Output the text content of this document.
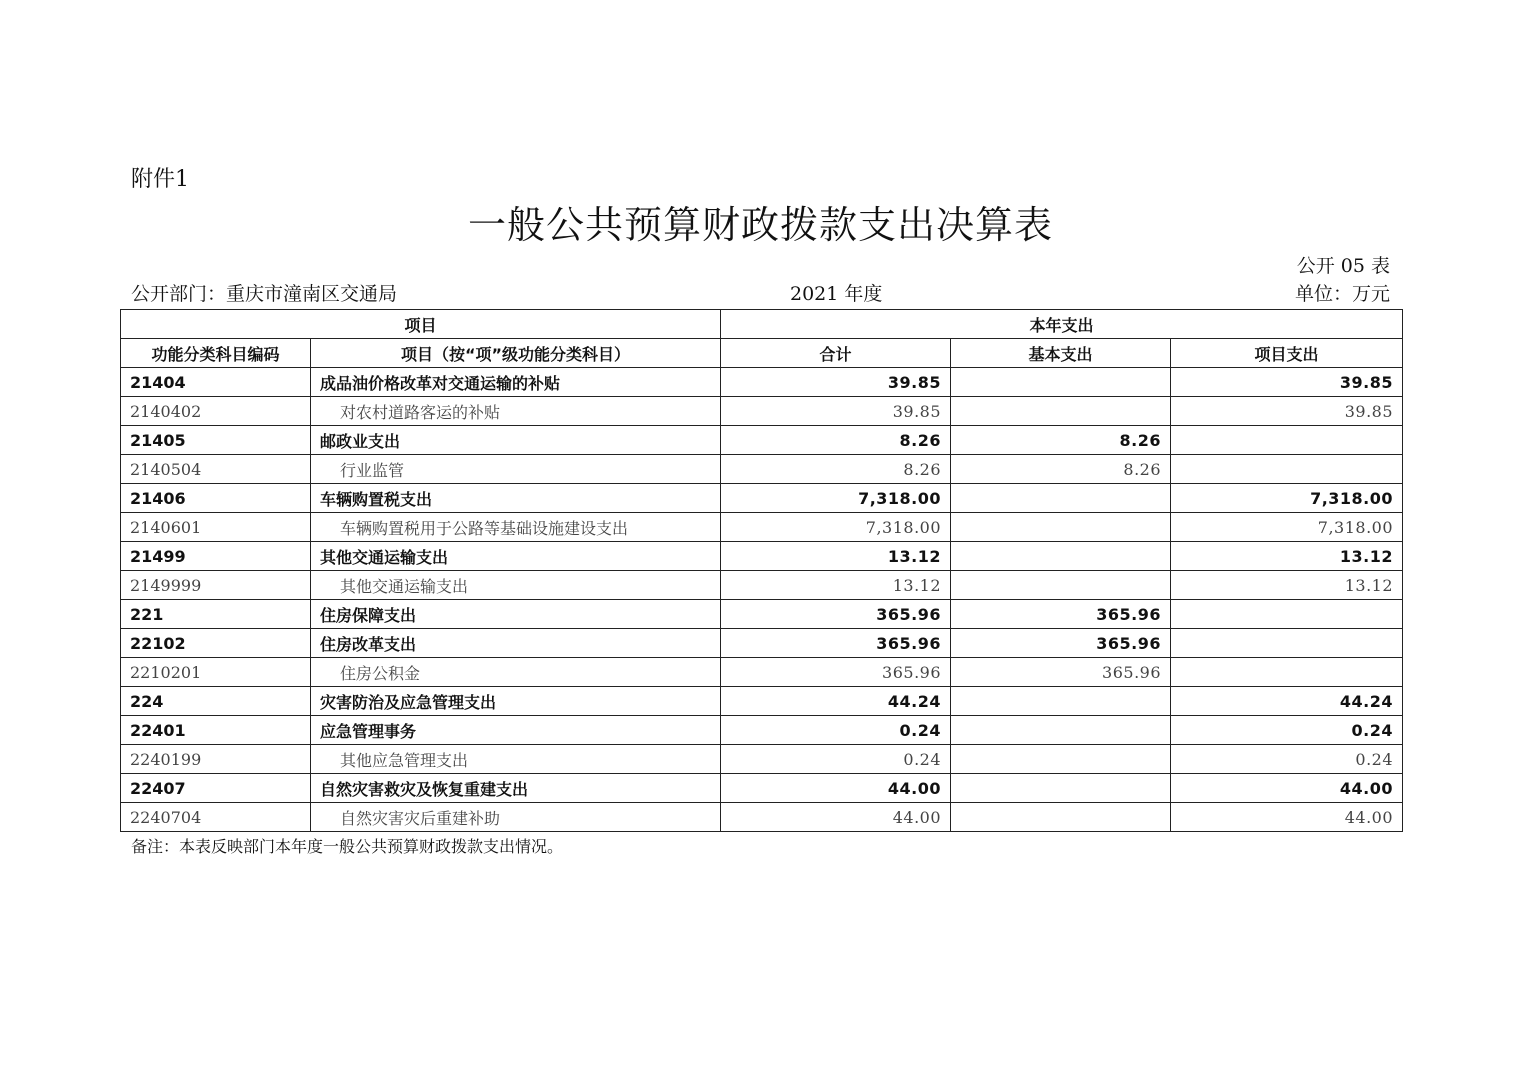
附件1
一般公共预算财政拨款支出决算表
公开 05 表
公开部门：重庆市潼南区交通局	2021 年度	单位：万元
项目		本年支出		
功能分类科目编码	项目（按“项”级功能分类科目）	合计	基本支出	项目支出
21404	成品油价格改革对交通运输的补贴	39.85		39.85
2140402	对农村道路客运的补贴	39.85		39.85
21405	邮政业支出	8.26	8.26	
2140504	行业监管	8.26	8.26	
21406	车辆购置税支出	7,318.00		7,318.00
2140601	车辆购置税用于公路等基础设施建设支出	7,318.00		7,318.00
21499	其他交通运输支出	13.12		13.12
2149999	其他交通运输支出	13.12		13.12
221	住房保障支出	365.96	365.96	
22102	住房改革支出	365.96	365.96	
2210201	住房公积金	365.96	365.96	
224	灾害防治及应急管理支出	44.24		44.24
22401	应急管理事务	0.24		0.24
2240199	其他应急管理支出	0.24		0.24
22407	自然灾害救灾及恢复重建支出	44.00		44.00
2240704	自然灾害灾后重建补助	44.00		44.00
备注：本表反映部门本年度一般公共预算财政拨款支出情况。
